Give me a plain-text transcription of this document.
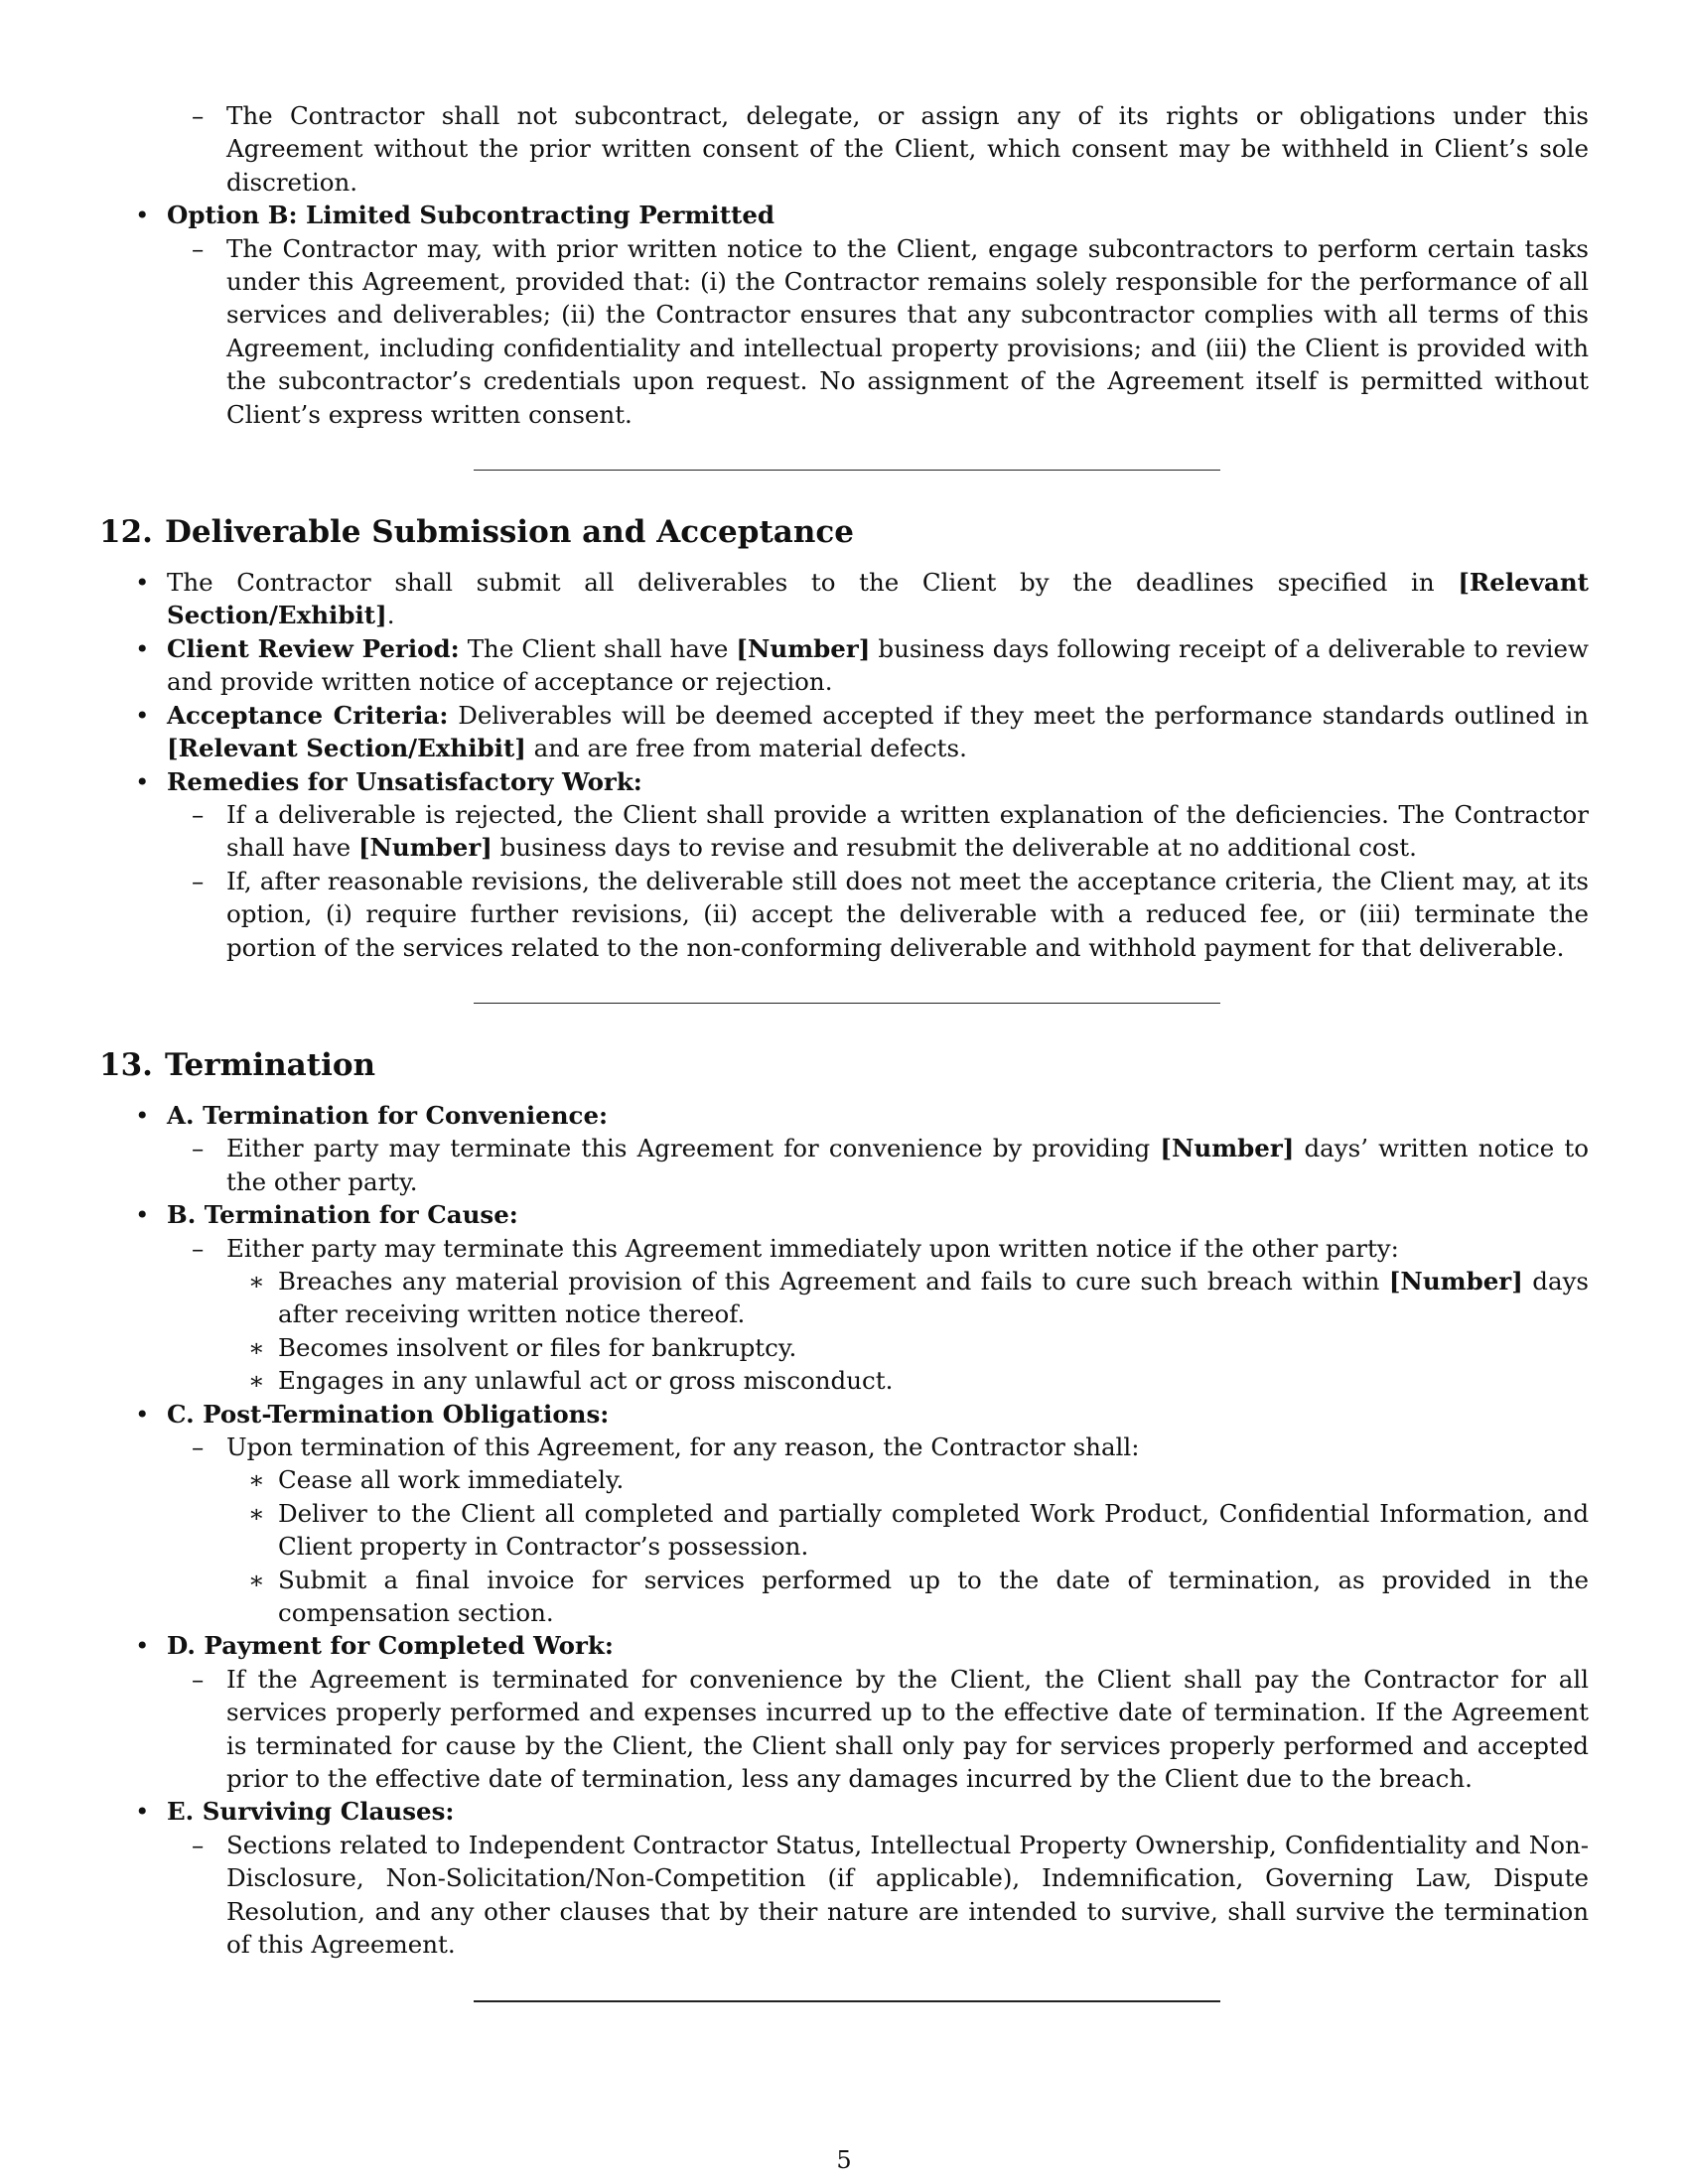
– The Contractor shall not subcontract, delegate, or assign any of its rights or obligations under this Agreement without the prior written consent of the Client, which consent may be withheld in Client’s sole discretion.
• Option B: Limited Subcontracting Permitted
– The Contractor may, with prior written notice to the Client, engage subcontractors to perform certain tasks under this Agreement, provided that: (i) the Contractor remains solely responsible for the performance of all services and deliverables; (ii) the Contractor ensures that any subcontractor complies with all terms of this Agreement, including confidentiality and intellectual property provisions; and (iii) the Client is provided with the subcontractor’s credentials upon request. No assignment of the Agreement itself is permitted without Client’s express written consent.
12. Deliverable Submission and Acceptance
• The Contractor shall submit all deliverables to the Client by the deadlines specified in [Relevant Section/Exhibit].
• Client Review Period: The Client shall have [Number] business days following receipt of a deliverable to review and provide written notice of acceptance or rejection.
• Acceptance Criteria: Deliverables will be deemed accepted if they meet the performance standards outlined in [Relevant Section/Exhibit] and are free from material defects.
• Remedies for Unsatisfactory Work:
– If a deliverable is rejected, the Client shall provide a written explanation of the deficiencies. The Contractor shall have [Number] business days to revise and resubmit the deliverable at no additional cost.
– If, after reasonable revisions, the deliverable still does not meet the acceptance criteria, the Client may, at its option, (i) require further revisions, (ii) accept the deliverable with a reduced fee, or (iii) terminate the portion of the services related to the non-conforming deliverable and withhold payment for that deliverable.
13. Termination
• A. Termination for Convenience:
– Either party may terminate this Agreement for convenience by providing [Number] days’ written notice to the other party.
• B. Termination for Cause:
– Either party may terminate this Agreement immediately upon written notice if the other party:
∗ Breaches any material provision of this Agreement and fails to cure such breach within [Number] days after receiving written notice thereof.
∗ Becomes insolvent or files for bankruptcy.
∗ Engages in any unlawful act or gross misconduct.
• C. Post-Termination Obligations:
– Upon termination of this Agreement, for any reason, the Contractor shall:
∗ Cease all work immediately.
∗ Deliver to the Client all completed and partially completed Work Product, Confidential Information, and Client property in Contractor’s possession.
∗ Submit a final invoice for services performed up to the date of termination, as provided in the compensation section.
• D. Payment for Completed Work:
– If the Agreement is terminated for convenience by the Client, the Client shall pay the Contractor for all services properly performed and expenses incurred up to the effective date of termination. If the Agreement is terminated for cause by the Client, the Client shall only pay for services properly performed and accepted prior to the effective date of termination, less any damages incurred by the Client due to the breach.
• E. Surviving Clauses:
– Sections related to Independent Contractor Status, Intellectual Property Ownership, Confidentiality and Non-Disclosure, Non-Solicitation/Non-Competition (if applicable), Indemnification, Governing Law, Dispute Resolution, and any other clauses that by their nature are intended to survive, shall survive the termination of this Agreement.
5
